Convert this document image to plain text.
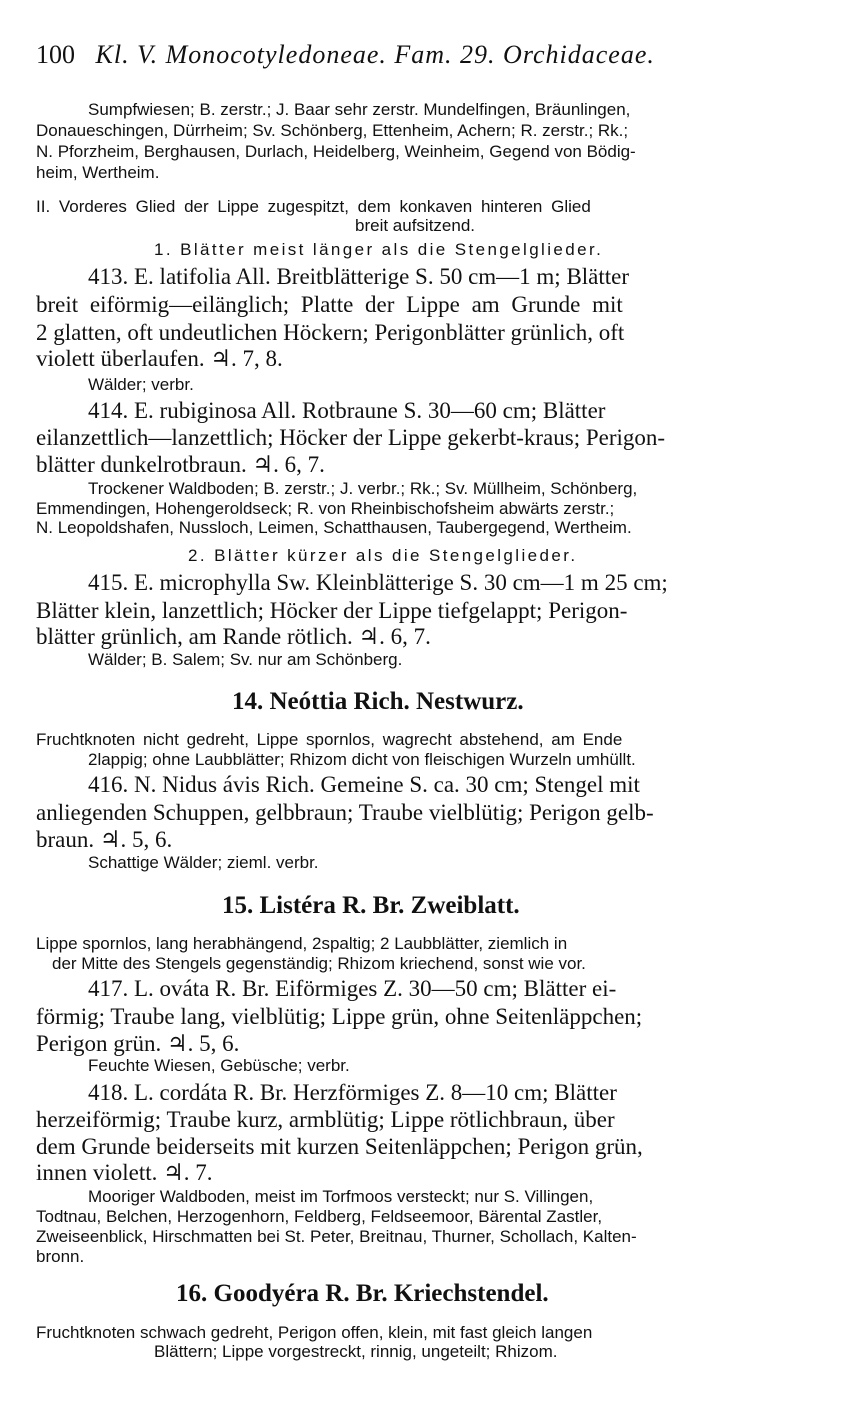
100 Kl. V. Monocotyledoneae. Fam. 29. Orchidaceae.
Sumpfwiesen; B. zerstr.; J. Baar sehr zerstr. Mundelfingen, Bräunlingen,
Donaueschingen, Dürrheim; Sv. Schönberg, Ettenheim, Achern; R. zerstr.; Rk.;
N. Pforzheim, Berghausen, Durlach, Heidelberg, Weinheim, Gegend von Bödig-
heim, Wertheim.
II. Vorderes Glied der Lippe zugespitzt, dem konkaven hinteren Glied
breit aufsitzend.
1. Blätter meist länger als die Stengelglieder.
413. E. latifolia All. Breitblätterige S. 50 cm—1 m; Blätter
breit eiförmig—eilänglich; Platte der Lippe am Grunde mit
2 glatten, oft undeutlichen Höckern; Perigonblätter grünlich, oft
violett überlaufen. ♃. 7, 8.
Wälder; verbr.
414. E. rubiginosa All. Rotbraune S. 30—60 cm; Blätter
eilanzettlich—lanzettlich; Höcker der Lippe gekerbt-kraus; Perigon-
blätter dunkelrotbraun. ♃. 6, 7.
Trockener Waldboden; B. zerstr.; J. verbr.; Rk.; Sv. Müllheim, Schönberg,
Emmendingen, Hohengeroldseck; R. von Rheinbischofsheim abwärts zerstr.;
N. Leopoldshafen, Nussloch, Leimen, Schatthausen, Taubergegend, Wertheim.
2. Blätter kürzer als die Stengelglieder.
415. E. microphylla Sw. Kleinblätterige S. 30 cm—1 m 25 cm;
Blätter klein, lanzettlich; Höcker der Lippe tiefgelappt; Perigon-
blätter grünlich, am Rande rötlich. ♃. 6, 7.
Wälder; B. Salem; Sv. nur am Schönberg.
14. Neóttia Rich. Nestwurz.
Fruchtknoten nicht gedreht, Lippe spornlos, wagrecht abstehend, am Ende
2lappig; ohne Laubblätter; Rhizom dicht von fleischigen Wurzeln umhüllt.
416. N. Nidus ávis Rich. Gemeine S. ca. 30 cm; Stengel mit
anliegenden Schuppen, gelbbraun; Traube vielblütig; Perigon gelb-
braun. ♃. 5, 6.
Schattige Wälder; zieml. verbr.
15. Listéra R. Br. Zweiblatt.
Lippe spornlos, lang herabhängend, 2spaltig; 2 Laubblätter, ziemlich in
der Mitte des Stengels gegenständig; Rhizom kriechend, sonst wie vor.
417. L. ováta R. Br. Eiförmiges Z. 30—50 cm; Blätter ei-
förmig; Traube lang, vielblütig; Lippe grün, ohne Seitenläppchen;
Perigon grün. ♃. 5, 6.
Feuchte Wiesen, Gebüsche; verbr.
418. L. cordáta R. Br. Herzförmiges Z. 8—10 cm; Blätter
herzeiförmig; Traube kurz, armblütig; Lippe rötlichbraun, über
dem Grunde beiderseits mit kurzen Seitenläppchen; Perigon grün,
innen violett. ♃. 7.
Mooriger Waldboden, meist im Torfmoos versteckt; nur S. Villingen,
Todtnau, Belchen, Herzogenhorn, Feldberg, Feldseemoor, Bärental Zastler,
Zweiseenblick, Hirschmatten bei St. Peter, Breitnau, Thurner, Schollach, Kalten-
bronn.
16. Goodyéra R. Br. Kriechstendel.
Fruchtknoten schwach gedreht, Perigon offen, klein, mit fast gleich langen
Blättern; Lippe vorgestreckt, rinnig, ungeteilt; Rhizom.
